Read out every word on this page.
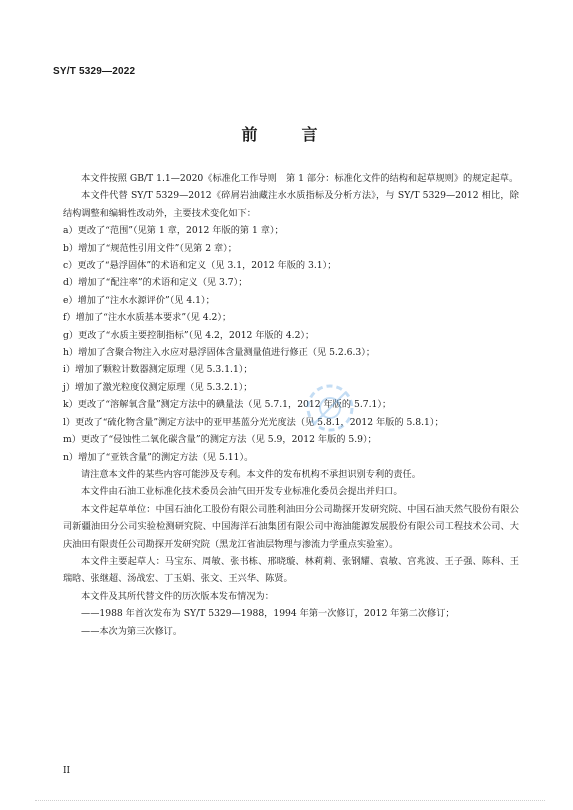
SY/T 5329—2022
前　言

本文件按照 GB/T 1.1—2020《标准化工作导则　第 1 部分：标准化文件的结构和起草规则》的规定起草。

本文件代替 SY/T 5329—2012《碎屑岩油藏注水水质指标及分析方法》，与 SY/T 5329—2012 相比，除结构调整和编辑性改动外，主要技术变化如下：

a）更改了“范围”（见第 1 章，2012 年版的第 1 章）；

b）增加了“规范性引用文件”（见第 2 章）；

c）更改了“悬浮固体”的术语和定义（见 3.1，2012 年版的 3.1）；

d）增加了“配注率”的术语和定义（见 3.7）；

e）增加了“注水水源评价”（见 4.1）；

f）增加了“注水水质基本要求”（见 4.2）；

g）更改了“水质主要控制指标”（见 4.2，2012 年版的 4.2）；

h）增加了含聚合物注入水应对悬浮固体含量测量值进行修正（见 5.2.6.3）；

i）增加了颗粒计数器测定原理（见 5.3.1.1）；

j）增加了激光粒度仪测定原理（见 5.3.2.1）；

k）更改了“溶解氧含量”测定方法中的碘量法（见 5.7.1，2012 年版的 5.7.1）；

l）更改了“硫化物含量”测定方法中的亚甲基蓝分光光度法（见 5.8.1，2012 年版的 5.8.1）；

m）更改了“侵蚀性二氧化碳含量”的测定方法（见 5.9，2012 年版的 5.9）；

n）增加了“亚铁含量”的测定方法（见 5.11）。

请注意本文件的某些内容可能涉及专利。本文件的发布机构不承担识别专利的责任。

本文件由石油工业标准化技术委员会油气田开发专业标准化委员会提出并归口。

本文件起草单位：中国石油化工股份有限公司胜利油田分公司勘探开发研究院、中国石油天然气股份有限公司新疆油田分公司实验检测研究院、中国海洋石油集团有限公司中海油能源发展股份有限公司工程技术公司、大庆油田有限责任公司勘探开发研究院（黑龙江省油层物理与渗流力学重点实验室）。

本文件主要起草人：马宝东、周敏、张书栋、邢晓璇、林莉莉、张钢耀、袁敏、宫兆波、王子强、陈科、王瑞晗、张继超、汤战宏、丁玉娟、张文、王兴华、陈贤。

本文件及其所代替文件的历次版本发布情况为：

——1988 年首次发布为 SY/T 5329—1988，1994 年第一次修订，2012 年第二次修订；

——本次为第三次修订。

II
